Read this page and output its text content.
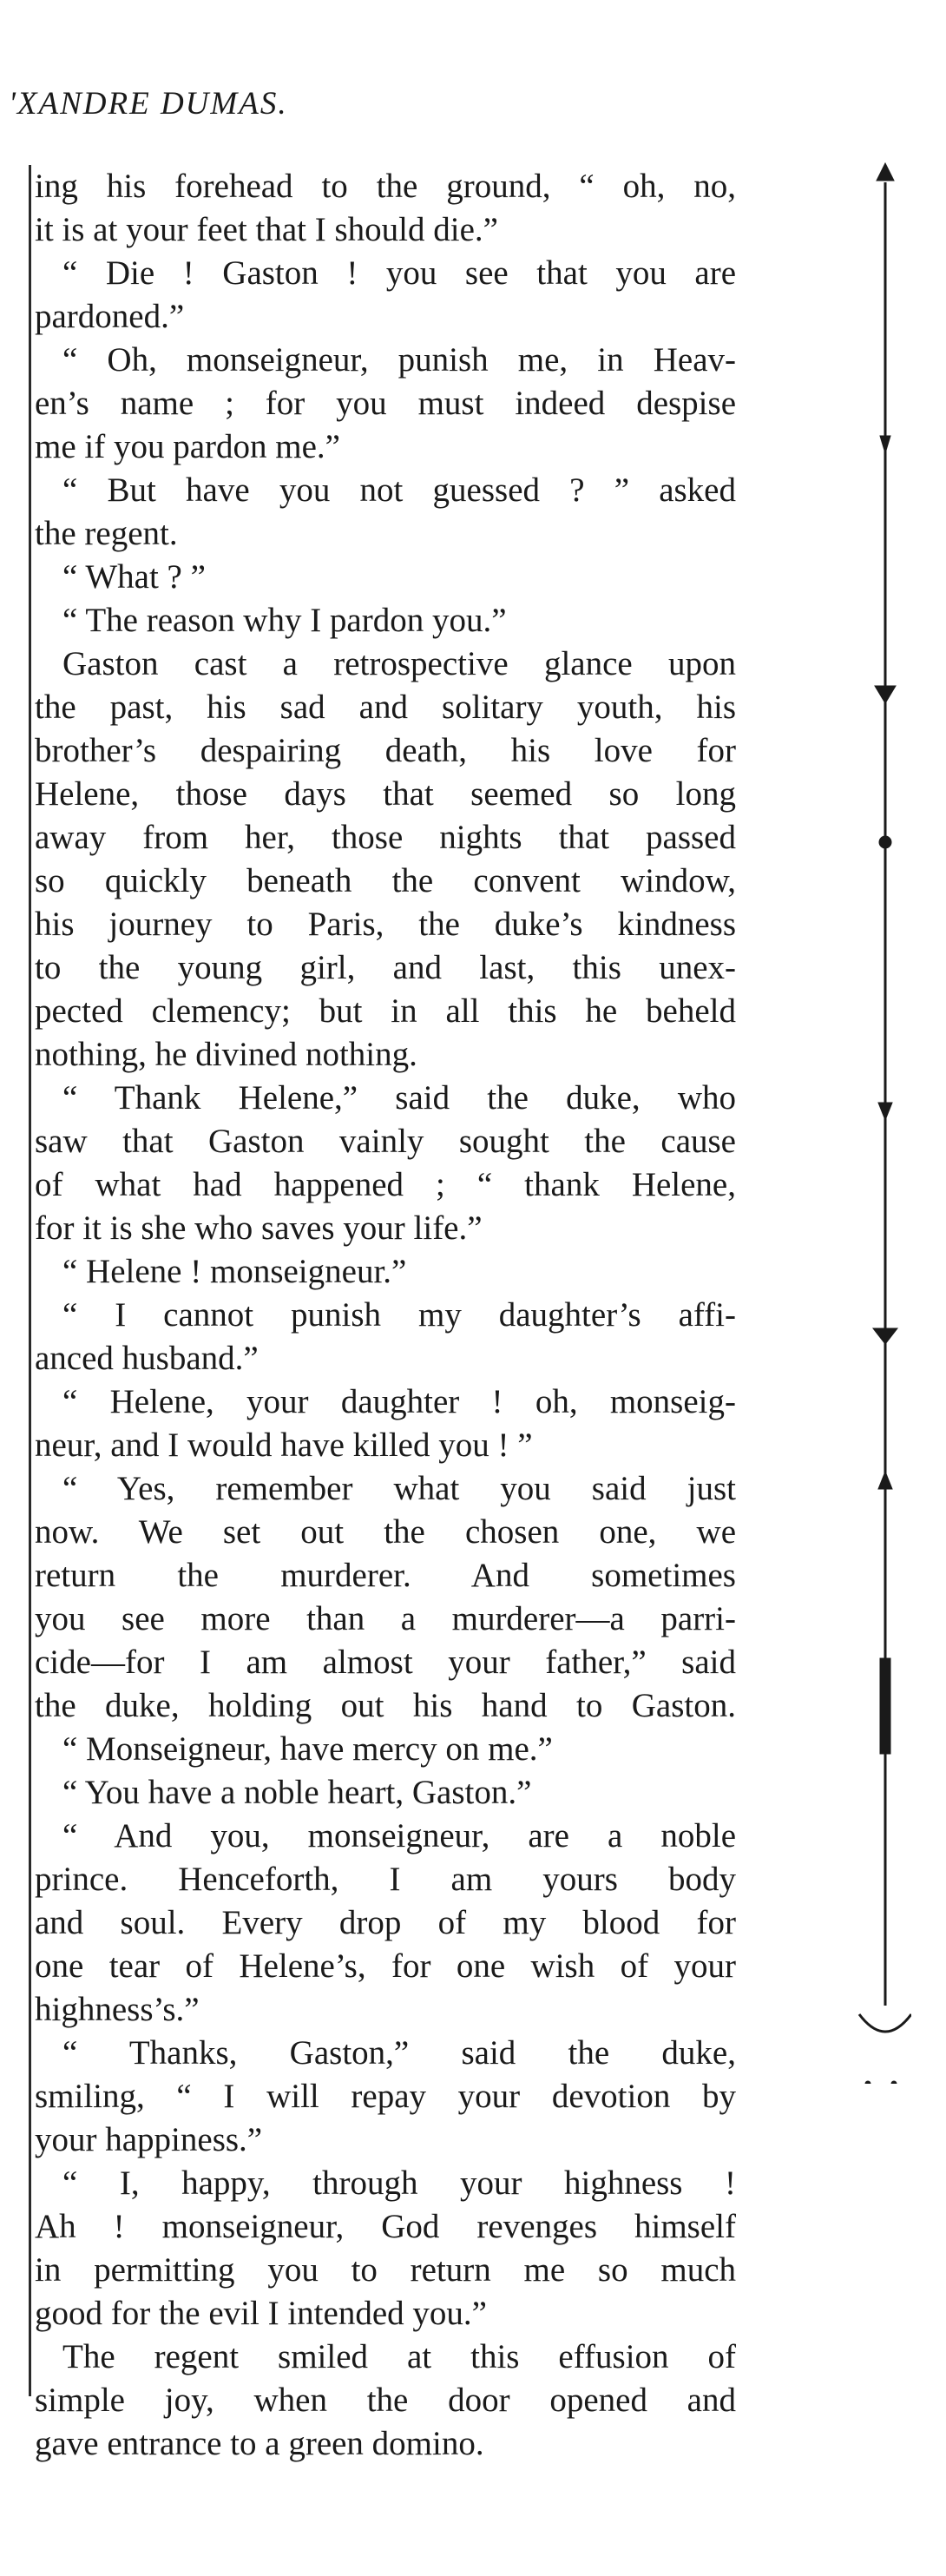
'XANDRE DUMAS.
ing his forehead to the ground, “ oh, no,
it is at your feet that I should die.”
“ Die ! Gaston ! you see that you are
pardoned.”
“ Oh, monseigneur, punish me, in Heav-
en’s name ; for you must indeed despise
me if you pardon me.”
“ But have you not guessed ? ” asked
the regent.
“ What ? ”
“ The reason why I pardon you.”
Gaston cast a retrospective glance upon
the past, his sad and solitary youth, his
brother’s despairing death, his love for
Helene, those days that seemed so long
away from her, those nights that passed
so quickly beneath the convent window,
his journey to Paris, the duke’s kindness
to the young girl, and last, this unex-
pected clemency; but in all this he beheld
nothing, he divined nothing.
“ Thank Helene,” said the duke, who
saw that Gaston vainly sought the cause
of what had happened ; “ thank Helene,
for it is she who saves your life.”
“ Helene ! monseigneur.”
“ I cannot punish my daughter’s affi-
anced husband.”
“ Helene, your daughter ! oh, monseig-
neur, and I would have killed you ! ”
“ Yes, remember what you said just
now. We set out the chosen one, we
return the murderer. And sometimes
you see more than a murderer—a parri-
cide—for I am almost your father,” said
the duke, holding out his hand to Gaston.
“ Monseigneur, have mercy on me.”
“ You have a noble heart, Gaston.”
“ And you, monseigneur, are a noble
prince. Henceforth, I am yours body
and soul. Every drop of my blood for
one tear of Helene’s, for one wish of your
highness’s.”
“ Thanks, Gaston,” said the duke,
smiling, “ I will repay your devotion by
your happiness.”
“ I, happy, through your highness !
Ah ! monseigneur, God revenges himself
in permitting you to return me so much
good for the evil I intended you.”
The regent smiled at this effusion of
simple joy, when the door opened and
gave entrance to a green domino.
